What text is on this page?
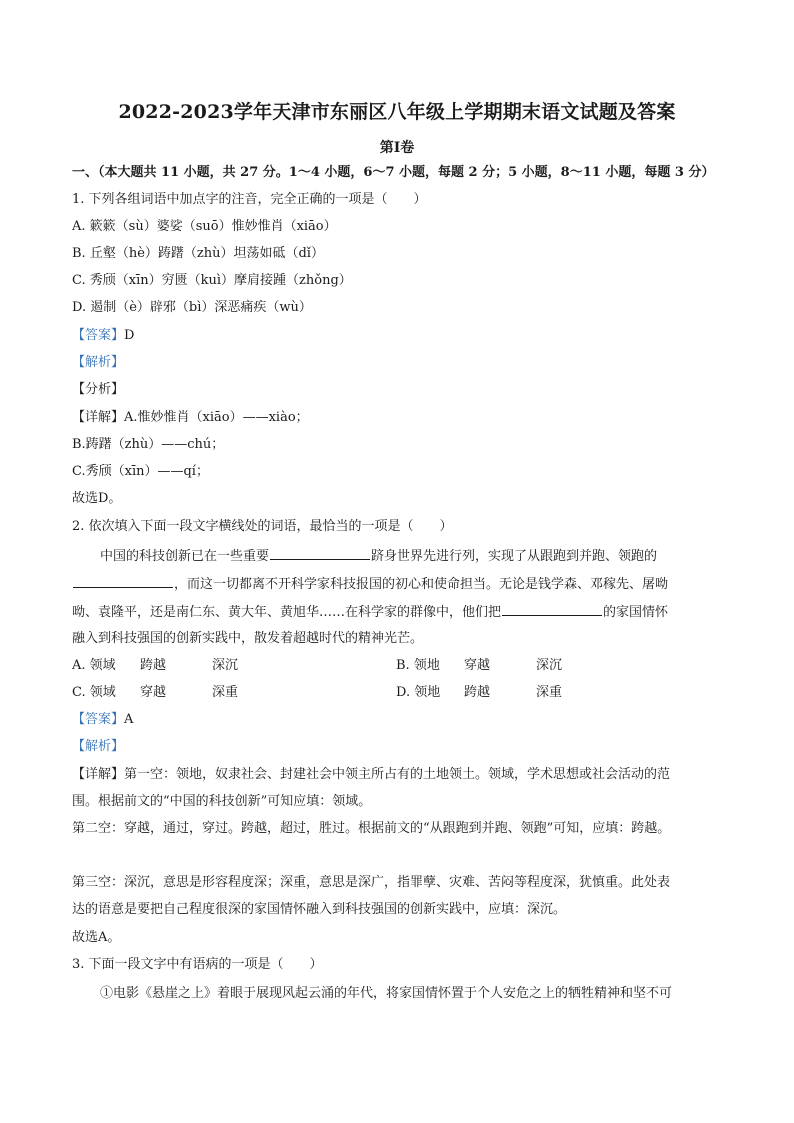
2022-2023学年天津市东丽区八年级上学期期末语文试题及答案
第Ⅰ卷
一、（本大题共 11 小题，共 27 分。1～4 小题，6～7 小题，每题 2 分；5 小题，8～11 小题，每题 3 分）
1. 下列各组词语中加点字的注音，完全正确的一项是（　　）
A. 簌簌（sù）婆娑（suō）惟妙惟肖（xiāo）
B. 丘壑（hè）踌躇（zhù）坦荡如砥（dǐ）
C. 秀颀（xīn）穷匮（kuì）摩肩接踵（zhǒng）
D. 遏制（è）辟邪（bì）深恶痛疾（wù）
【答案】D
【解析】
【分析】
【详解】A.惟妙惟肖（xiāo）——xiào；
B.踌躇（zhù）——chú；
C.秀颀（xīn）——qí；
故选D。
2. 依次填入下面一段文字横线处的词语，最恰当的一项是（　　）
中国的科技创新已在一些重要	跻身世界先进行列，实现了从跟跑到并跑、领跑的
，而这一切都离不开科学家科技报国的初心和使命担当。无论是钱学森、邓稼先、屠呦
呦、袁隆平，还是南仁东、黄大年、黄旭华……在科学家的群像中，他们把	的家国情怀
融入到科技强国的创新实践中，散发着超越时代的精神光芒。
A. 领域 跨越	深沉	B. 领地 穿越	深沉
C. 领域 穿越	深重	D. 领地 跨越	深重
【答案】A
【解析】
【详解】第一空：领地，奴隶社会、封建社会中领主所占有的土地领土。领域，学术思想或社会活动的范
围。根据前文的“中国的科技创新”可知应填：领域。
第二空：穿越，通过，穿过。跨越，超过，胜过。根据前文的“从跟跑到并跑、领跑”可知，应填：跨越。
第三空：深沉，意思是形容程度深；深重，意思是深广，指罪孽、灾难、苦闷等程度深，犹慎重。此处表
达的语意是要把自己程度很深的家国情怀融入到科技强国的创新实践中，应填：深沉。
故选A。
3. 下面一段文字中有语病的一项是（　　）
①电影《悬崖之上》着眼于展现风起云涌的年代，将家国情怀置于个人安危之上的牺牲精神和坚不可
